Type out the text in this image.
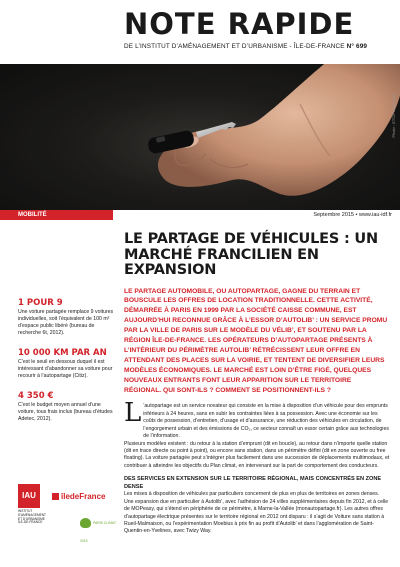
NOTE RAPIDE
DE L’INSTITUT D’AMÉNAGEMENT ET D’URBANISME - ÎLE-DE-FRANCE N° 699
Photo : ETC/Fotolia.com
MOBILITÉ	Septembre 2015 • www.iau-idf.fr
1 POUR 9
Une voiture partagée remplace 9 voitures individuelles, soit l’équivalent de 100 m² d’espace public libéré (bureau de recherche 6t, 2012).
10 000 KM PAR AN
C’est le seuil en dessous duquel il est intéressant d’abandonner sa voiture pour recourir à l’autopartage (Citiz).
4 350 €
C’est le budget moyen annuel d’une voiture, tous frais inclus (bureau d’études Adetec, 2012).
IAU
INSTITUT D’AMÉNAGEMENT ET D’URBANISME ÎLE-DE-FRANCE
îledeFrance
PARIS CLIMAT 2015
LE PARTAGE DE VÉHICULES : UN MARCHÉ FRANCILIEN EN EXPANSION
LE PARTAGE AUTOMOBILE, OU AUTOPARTAGE, GAGNE DU TERRAIN ET BOUSCULE LES OFFRES DE LOCATION TRADITIONNELLE. CETTE ACTIVITÉ, DÉMARRÉE À PARIS EN 1999 PAR LA SOCIÉTÉ CAISSE COMMUNE, EST AUJOURD’HUI RECONNUE GRÂCE À L’ESSOR D’AUTOLIB’ : UN SERVICE PROMU PAR LA VILLE DE PARIS SUR LE MODÈLE DU VÉLIB’, ET SOUTENU PAR LA RÉGION ÎLE-DE-FRANCE. LES OPÉRATEURS D’AUTOPARTAGE PRÉSENTS À L’INTÉRIEUR DU PÉRIMÈTRE AUTOLIB’ RÉTRÉCISSENT LEUR OFFRE EN ATTENDANT DES PLACES SUR LA VOIRIE, ET TENTENT DE DIVERSIFIER LEURS MODÈLES ÉCONOMIQUES. LE MARCHÉ EST LOIN D’ÊTRE FIGÉ, QUELQUES NOUVEAUX ENTRANTS FONT LEUR APPARITION SUR LE TERRITOIRE RÉGIONAL. QUI SONT-ILS ? COMMENT SE POSITIONNENT-ILS ?
L ’autopartage est un service novateur qui consiste en la mise à disposition d’un véhicule pour des emprunts inférieurs à 24 heures, sans en subir les contraintes liées à sa possession. Avec une économie sur les coûts de possession, d’entretien, d’usage et d’assurance, une réduction des véhicules en circulation, de l’engorgement urbain et des émissions de CO₂, ce secteur connaît un essor certain grâce aux technologies de l’information.
Plusieurs modèles existent : du retour à la station d’emprunt (dit en boucle), au retour dans n’importe quelle station (dit en trace directe ou point à point), ou encore sans station, dans un périmètre défini (dit en zone ouverte ou free floating). La voiture partagée peut s’intégrer plus facilement dans une succession de déplacements multimodaux, et contribuer à atteindre les objectifs du Plan climat, en intervenant sur la part de comportement des conducteurs.
DES SERVICES EN EXTENSION SUR LE TERRITOIRE RÉGIONAL, MAIS CONCENTRÉS EN ZONE DENSE
Les mises à disposition de véhicules par particuliers concernent de plus en plus de territoires en zones denses. Une expansion due en particulier à Autolib’, avec l’adhésion de 24 villes supplémentaires depuis fin 2012, et à celle de MOPeasy, qui s’étend en périphérie de ce périmètre, à Marne-la-Vallée (monautopartage.fr). Les autres offres d’autopartage électrique présentes sur le territoire régional en 2012 ont disparu : il s’agit de Voiture sans station à Rueil-Malmaison, ou l’expérimentation Moebius à prix fin au profit d’Autolib’ et dans l’agglomération de Saint-Quentin-en-Yvelines, avec Twizy Way.
